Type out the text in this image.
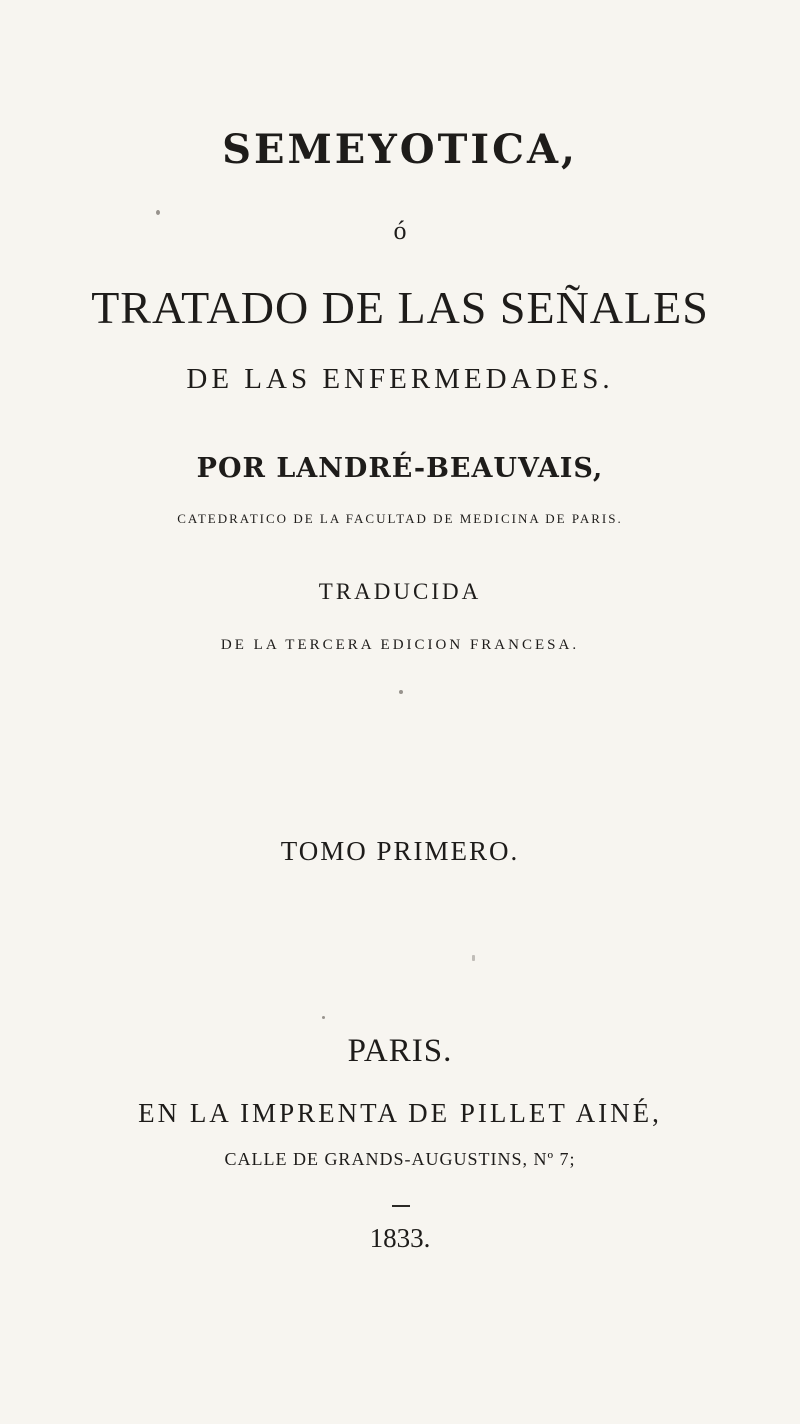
SEMEYOTICA,
ó
TRATADO DE LAS SEÑALES
DE LAS ENFERMEDADES.
POR LANDRÉ-BEAUVAIS,
CATEDRATICO DE LA FACULTAD DE MEDICINA DE PARIS.
TRADUCIDA
DE LA TERCERA EDICION FRANCESA.
TOMO PRIMERO.
PARIS.
EN LA IMPRENTA DE PILLET AINÉ,
CALLE DE GRANDS-AUGUSTINS, Nº 7;
1833.
